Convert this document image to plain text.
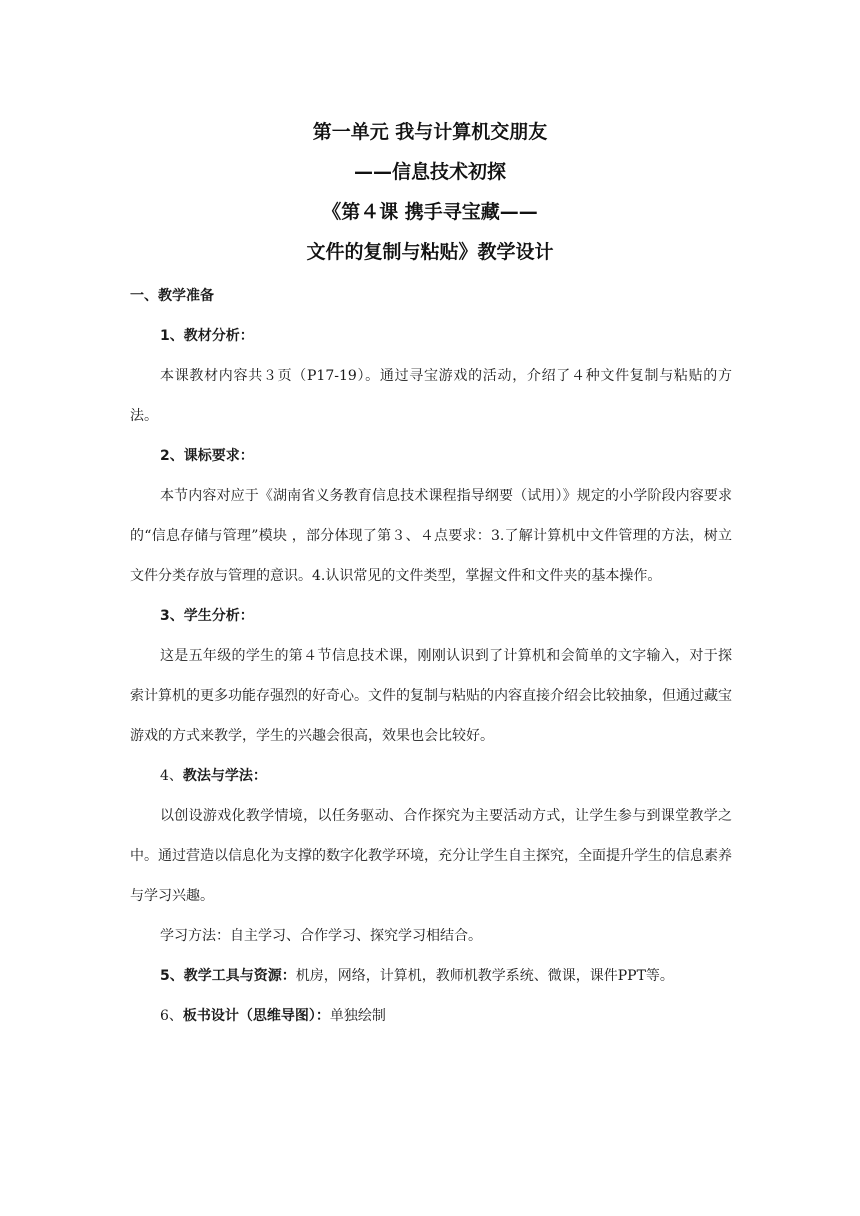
第一单元 我与计算机交朋友
——信息技术初探
《第４课 携手寻宝藏——
文件的复制与粘贴》教学设计
一、教学准备
1、教材分析：

本课教材内容共３页（P17-19）。通过寻宝游戏的活动，介绍了４种文件复制与粘贴的方法。

2、课标要求：

本节内容对应于《湖南省义务教育信息技术课程指导纲要（试用）》规定的小学阶段内容要求的“信息存储与管理”模块 ，部分体现了第３、４点要求：3.了解计算机中文件管理的方法，树立文件分类存放与管理的意识。4.认识常见的文件类型，掌握文件和文件夹的基本操作。

3、学生分析：

这是五年级的学生的第４节信息技术课，刚刚认识到了计算机和会简单的文字输入，对于探索计算机的更多功能存强烈的好奇心。文件的复制与粘贴的内容直接介绍会比较抽象，但通过藏宝游戏的方式来教学，学生的兴趣会很高，效果也会比较好。

4、教法与学法：

以创设游戏化教学情境，以任务驱动、合作探究为主要活动方式，让学生参与到课堂教学之中。通过营造以信息化为支撑的数字化教学环境，充分让学生自主探究，全面提升学生的信息素养与学习兴趣。

学习方法：自主学习、合作学习、探究学习相结合。

5、教学工具与资源：机房，网络，计算机，教师机教学系统、微课，课件PPT等。
6、板书设计（思维导图）：单独绘制
